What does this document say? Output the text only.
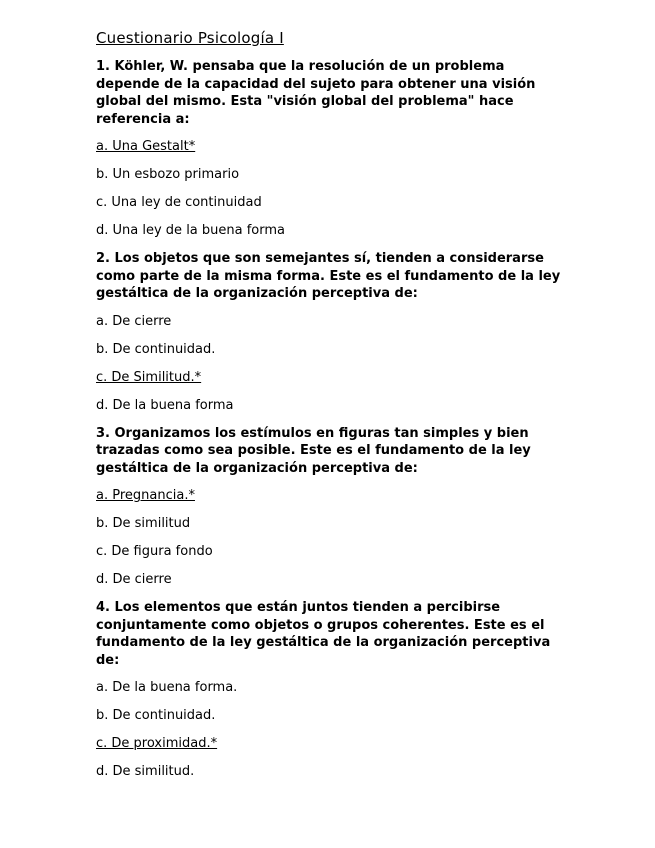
Cuestionario Psicología I
1. Köhler, W. pensaba que la resolución de un problema depende de la capacidad del sujeto para obtener una visión global del mismo. Esta "visión global del problema" hace referencia a:
a. Una Gestalt*
b. Un esbozo primario
c. Una ley de continuidad
d. Una ley de la buena forma
2. Los objetos que son semejantes sí, tienden a considerarse como parte de la misma forma. Este es el fundamento de la ley gestáltica de la organización perceptiva de:
a. De cierre
b. De continuidad.
c. De Similitud.*
d. De la buena forma
3. Organizamos los estímulos en figuras tan simples y bien trazadas como sea posible. Este es el fundamento de la ley gestáltica de la organización perceptiva de:
a. Pregnancia.*
b. De similitud
c. De figura fondo
d. De cierre
4. Los elementos que están juntos tienden a percibirse conjuntamente como objetos o grupos coherentes. Este es el fundamento de la ley gestáltica de la organización perceptiva de:
a. De la buena forma.
b. De continuidad.
c. De proximidad.*
d. De similitud.
